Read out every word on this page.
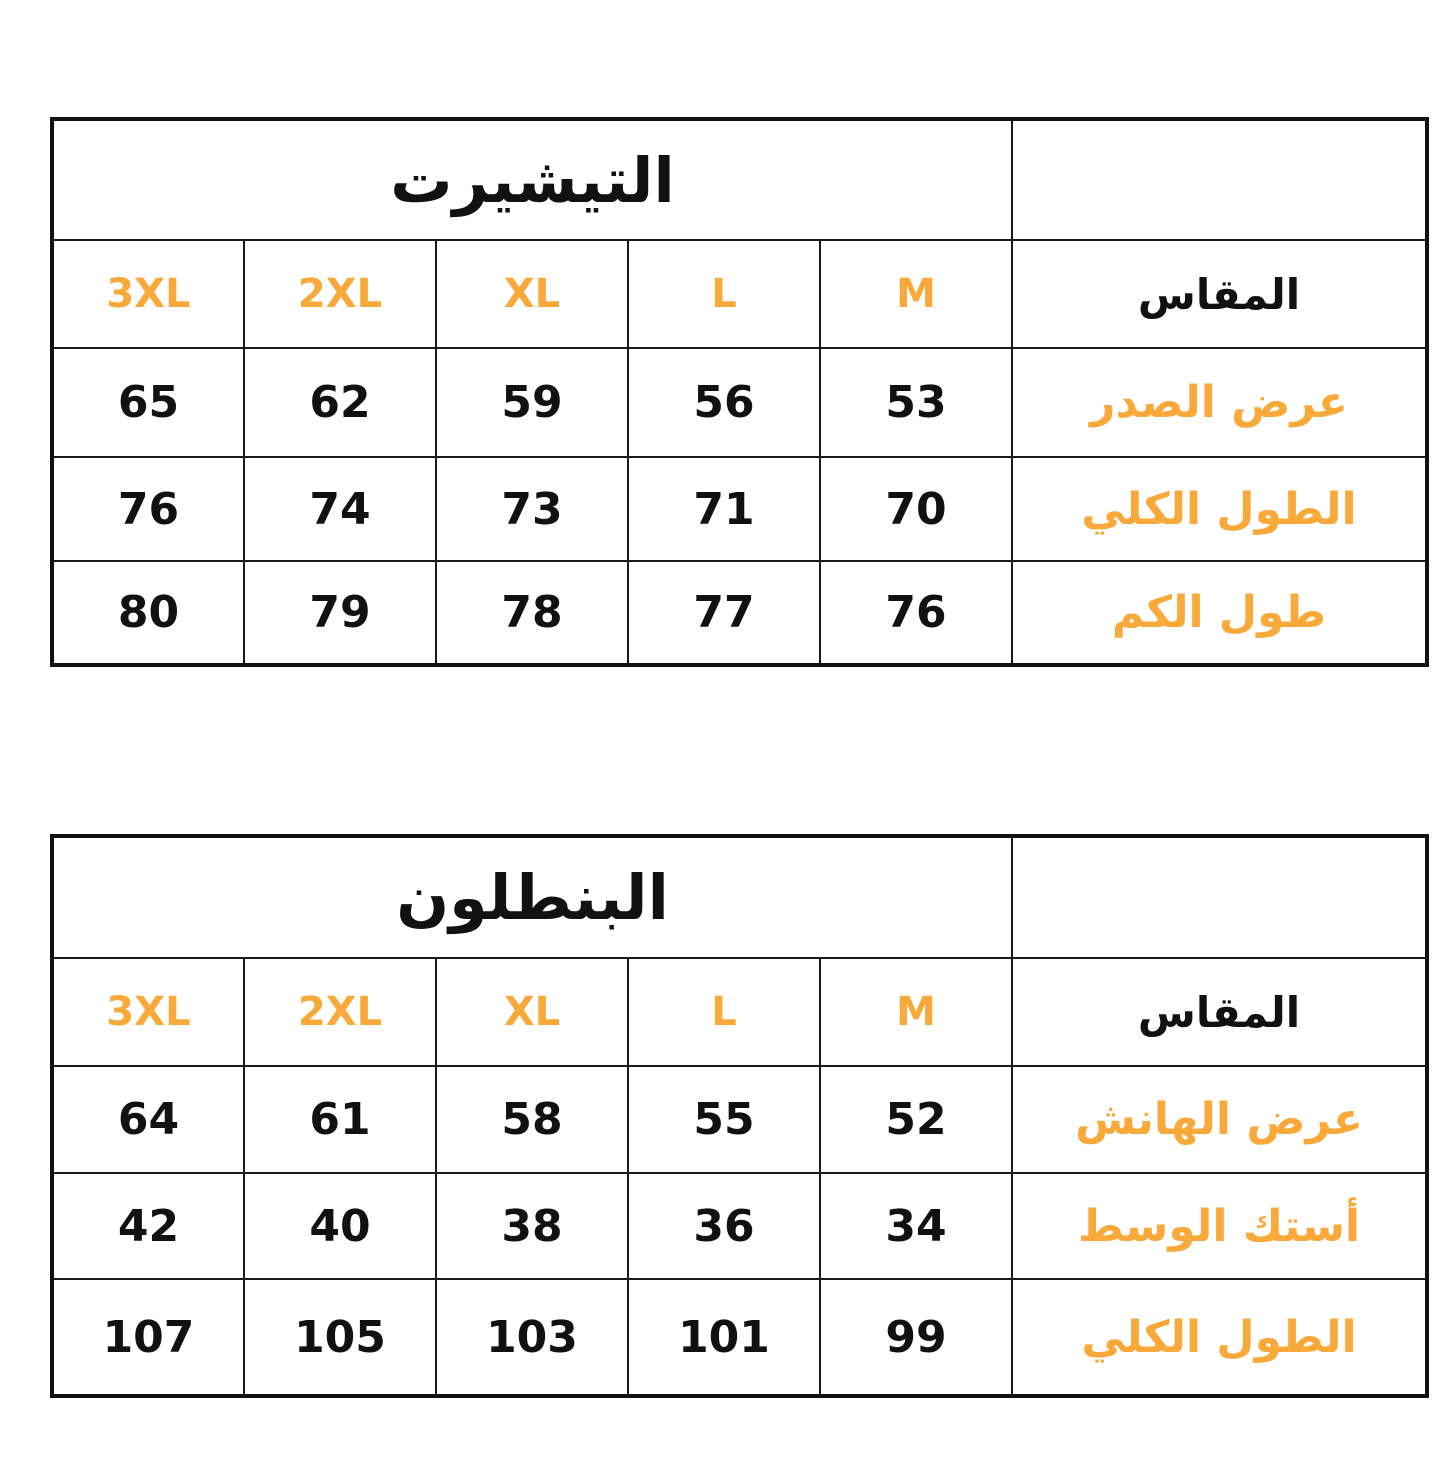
التيشيرت					
3XL	2XL	XL	L	M	المقاس
65	62	59	56	53	عرض الصدر
76	74	73	71	70	الطول الكلي
80	79	78	77	76	طول الكم
البنطلون					
3XL	2XL	XL	L	M	المقاس
64	61	58	55	52	عرض الهانش
42	40	38	36	34	أستك الوسط
107	105	103	101	99	الطول الكلي
